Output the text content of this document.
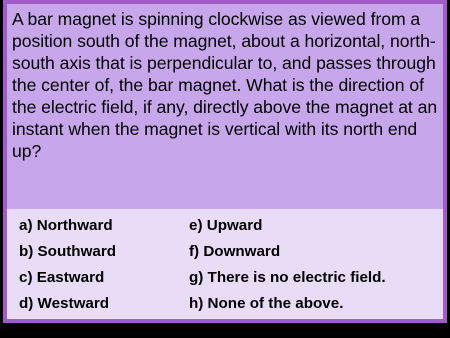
A bar magnet is spinning clockwise as viewed from a position south of the magnet, about a horizontal, north-south axis that is perpendicular to, and passes through the center of, the bar magnet. What is the direction of the electric field, if any, directly above the magnet at an instant when the magnet is vertical with its north end up?

a) Northward	e) Upward
b) Southward	f) Downward
c) Eastward	g) There is no electric field.
d) Westward	h) None of the above.
